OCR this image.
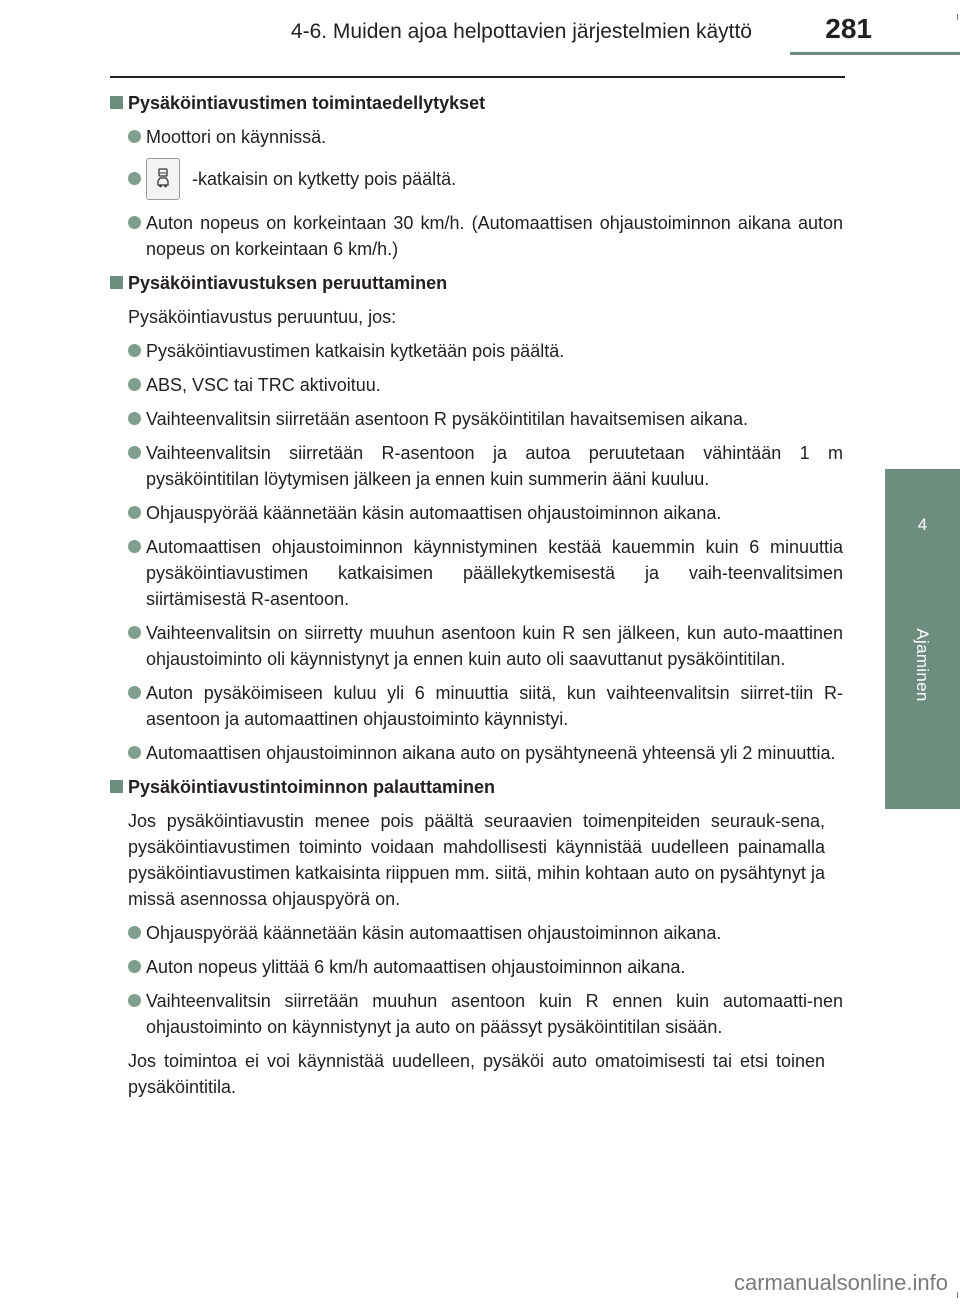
4-6. Muiden ajoa helpottavien järjestelmien käyttö	281
4
Ajaminen
Pysäköintiavustimen toimintaedellytykset
Moottori on käynnissä.
-katkaisin on kytketty pois päältä.
Auton nopeus on korkeintaan 30 km/h. (Automaattisen ohjaustoiminnon aikana auton nopeus on korkeintaan 6 km/h.)
Pysäköintiavustuksen peruuttaminen
Pysäköintiavustus peruuntuu, jos:
Pysäköintiavustimen katkaisin kytketään pois päältä.
ABS, VSC tai TRC aktivoituu.
Vaihteenvalitsin siirretään asentoon R pysäköintitilan havaitsemisen aikana.
Vaihteenvalitsin siirretään R-asentoon ja autoa peruutetaan vähintään 1 m pysäköintitilan löytymisen jälkeen ja ennen kuin summerin ääni kuuluu.
Ohjauspyörää käännetään käsin automaattisen ohjaustoiminnon aikana.
Automaattisen ohjaustoiminnon käynnistyminen kestää kauemmin kuin 6 minuuttia pysäköintiavustimen katkaisimen päällekytkemisestä ja vaih-teenvalitsimen siirtämisestä R-asentoon.
Vaihteenvalitsin on siirretty muuhun asentoon kuin R sen jälkeen, kun auto-maattinen ohjaustoiminto oli käynnistynyt ja ennen kuin auto oli saavuttanut pysäköintitilan.
Auton pysäköimiseen kuluu yli 6 minuuttia siitä, kun vaihteenvalitsin siirret-tiin R-asentoon ja automaattinen ohjaustoiminto käynnistyi.
Automaattisen ohjaustoiminnon aikana auto on pysähtyneenä yhteensä yli 2 minuuttia.
Pysäköintiavustintoiminnon palauttaminen
Jos pysäköintiavustin menee pois päältä seuraavien toimenpiteiden seurauk-sena, pysäköintiavustimen toiminto voidaan mahdollisesti käynnistää uudelleen painamalla pysäköintiavustimen katkaisinta riippuen mm. siitä, mihin kohtaan auto on pysähtynyt ja missä asennossa ohjauspyörä on.
Ohjauspyörää käännetään käsin automaattisen ohjaustoiminnon aikana.
Auton nopeus ylittää 6 km/h automaattisen ohjaustoiminnon aikana.
Vaihteenvalitsin siirretään muuhun asentoon kuin R ennen kuin automaatti-nen ohjaustoiminto on käynnistynyt ja auto on päässyt pysäköintitilan sisään.
Jos toimintoa ei voi käynnistää uudelleen, pysäköi auto omatoimisesti tai etsi toinen pysäköintitila.
carmanualsonline.info
